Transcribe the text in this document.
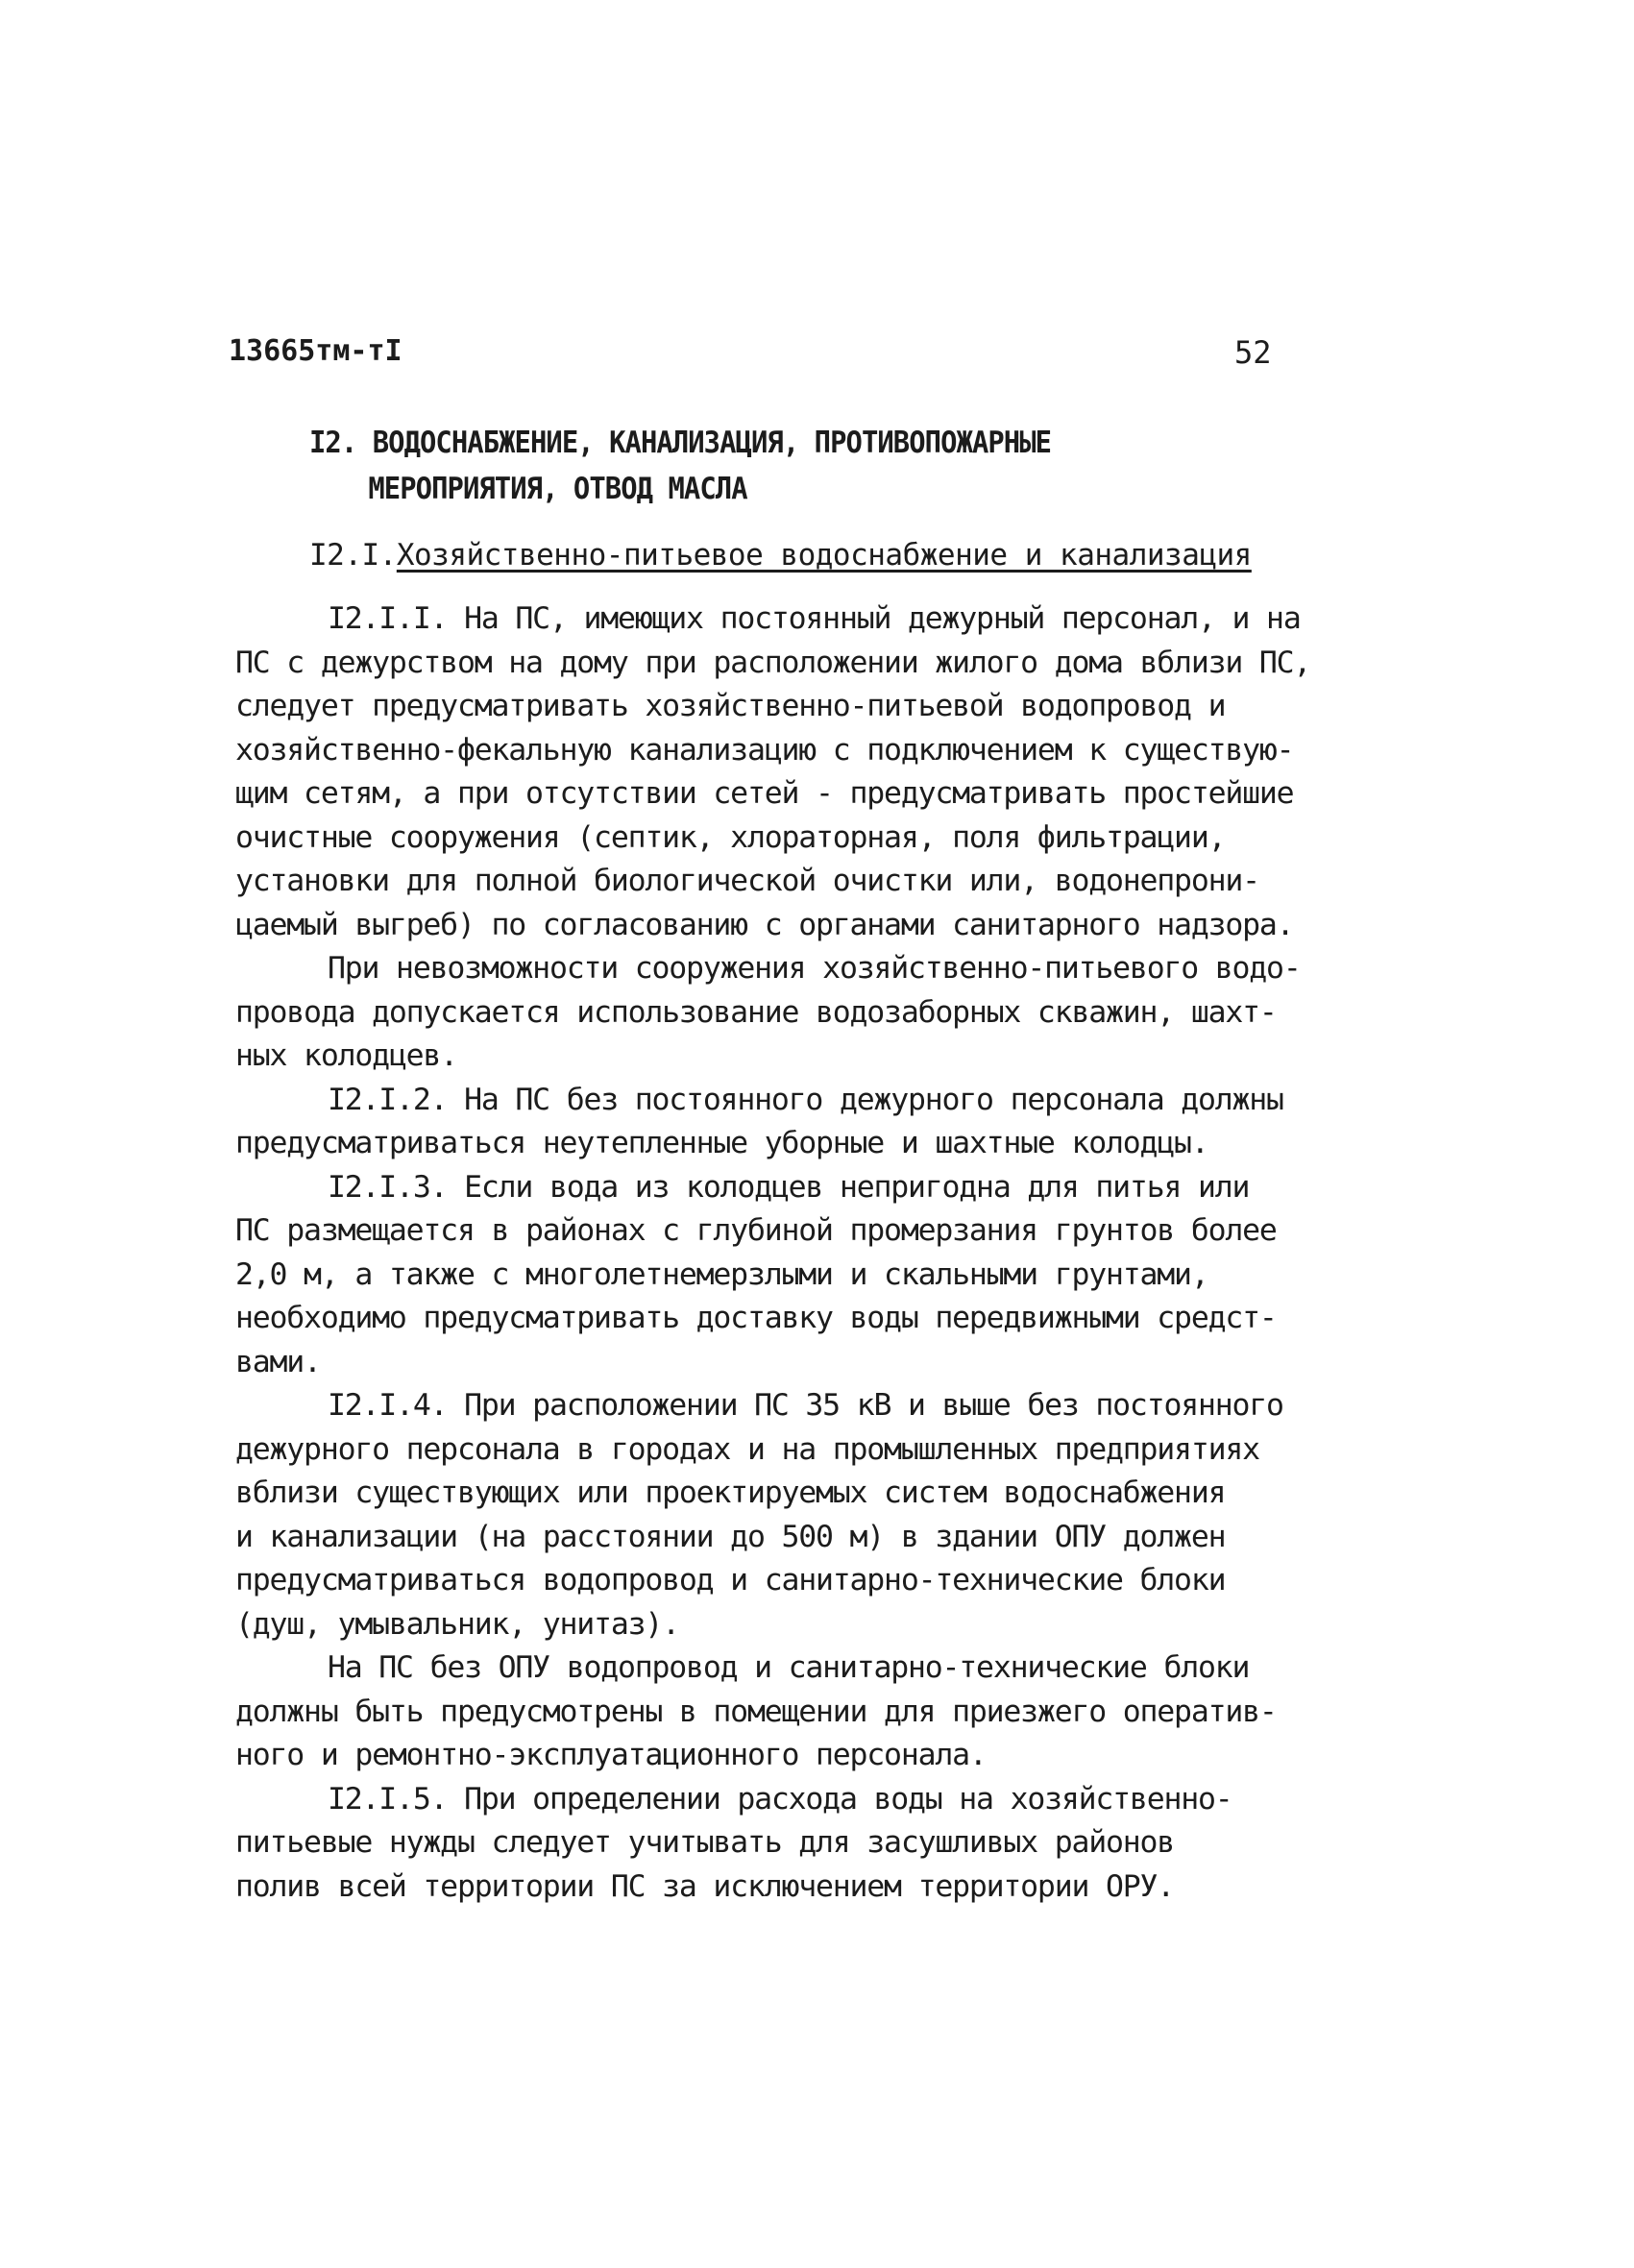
13665тм-тI	52
I2. ВОДОСНАБЖЕНИЕ, КАНАЛИЗАЦИЯ, ПРОТИВОПОЖАРНЫЕ
МЕРОПРИЯТИЯ, ОТВОД МАСЛА
I2.I.Хозяйственно-питьевое водоснабжение и канализация
I2.I.I. На ПС, имеющих постоянный дежурный персонал, и на
ПС с дежурством на дому при расположении жилого дома вблизи ПС,
следует предусматривать хозяйственно-питьевой водопровод и
хозяйственно-фекальную канализацию с подключением к существую-
щим сетям, а при отсутствии сетей - предусматривать простейшие
очистные сооружения (септик, хлораторная, поля фильтрации,
установки для полной биологической очистки или, водонепрони-
цаемый выгреб) по согласованию с органами санитарного надзора.
При невозможности сооружения хозяйственно-питьевого водо-
провода допускается использование водозаборных скважин, шахт-
ных колодцев.
I2.I.2. На ПС без постоянного дежурного персонала должны
предусматриваться неутепленные уборные и шахтные колодцы.
I2.I.3. Если вода из колодцев непригодна для питья или
ПС размещается в районах с глубиной промерзания грунтов более
2,0 м, а также с многолетнемерзлыми и скальными грунтами,
необходимо предусматривать доставку воды передвижными средст-
вами.
I2.I.4. При расположении ПС 35 кВ и выше без постоянного
дежурного персонала в городах и на промышленных предприятиях
вблизи существующих или проектируемых систем водоснабжения
и канализации (на расстоянии до 500 м) в здании ОПУ должен
предусматриваться водопровод и санитарно-технические блоки
(душ, умывальник, унитаз).
На ПС без ОПУ водопровод и санитарно-технические блоки
должны быть предусмотрены в помещении для приезжего оператив-
ного и ремонтно-эксплуатационного персонала.
I2.I.5. При определении расхода воды на хозяйственно-
питьевые нужды следует учитывать для засушливых районов
полив всей территории ПС за исключением территории ОРУ.
